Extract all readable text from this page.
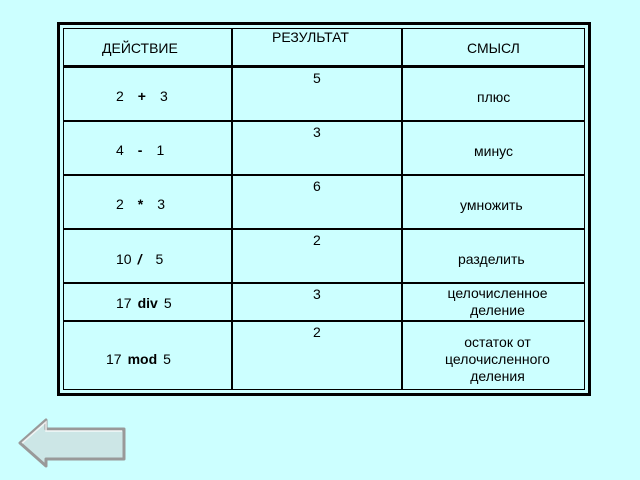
ДЕЙСТВИЕ
РЕЗУЛЬТАТ
СМЫСЛ
2 + 3
5
плюс
4 - 1
3
минус
2 * 3
6
умножить
10 / 5
2
разделить
17 div 5
3	целочисленное
деление
17 mod 5
2
остаток от
целочисленного
деления
